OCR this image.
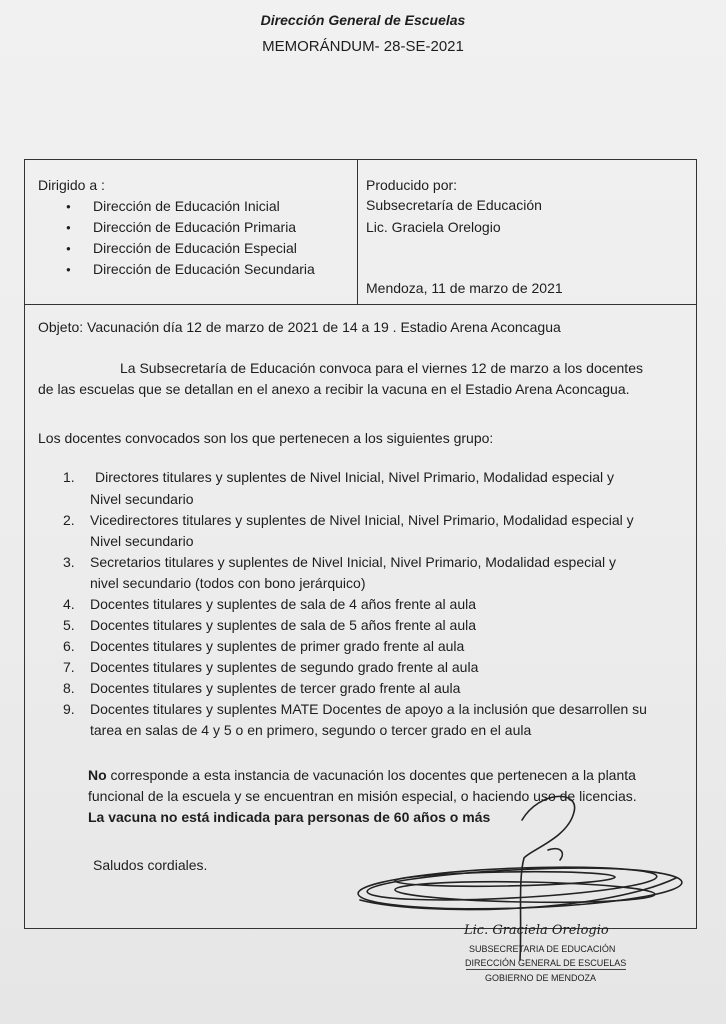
Dirección General de Escuelas
MEMORÁNDUM- 28-SE-2021
Dirigido a :
● Dirección de Educación Inicial
● Dirección de Educación Primaria
● Dirección de Educación Especial
● Dirección de Educación Secundaria
Producido por:
Subsecretaría de Educación
Lic. Graciela Orelogio
Mendoza, 11 de marzo de 2021
Objeto: Vacunación día 12 de marzo de 2021 de 14 a 19 . Estadio Arena Aconcagua
La Subsecretaría de Educación convoca para el viernes 12 de marzo a los docentes
de las escuelas que se detallan en el anexo a recibir la vacuna en el Estadio Arena Aconcagua.
Los docentes convocados son los que pertenecen a los siguientes grupo:
1. Directores titulares y suplentes de Nivel Inicial, Nivel Primario, Modalidad especial y
Nivel secundario
2. Vicedirectores titulares y suplentes de Nivel Inicial, Nivel Primario, Modalidad especial y
Nivel secundario
3. Secretarios titulares y suplentes de Nivel Inicial, Nivel Primario, Modalidad especial y
nivel secundario (todos con bono jerárquico)
4. Docentes titulares y suplentes de sala de 4 años frente al aula
5. Docentes titulares y suplentes de sala de 5 años frente al aula
6. Docentes titulares y suplentes de primer grado frente al aula
7. Docentes titulares y suplentes de segundo grado frente al aula
8. Docentes titulares y suplentes de tercer grado frente al aula
9. Docentes titulares y suplentes MATE Docentes de apoyo a la inclusión que desarrollen su
tarea en salas de 4 y 5 o en primero, segundo o tercer grado en el aula
No corresponde a esta instancia de vacunación los docentes que pertenecen a la planta
funcional de la escuela y se encuentran en misión especial, o haciendo uso de licencias.
La vacuna no está indicada para personas de 60 años o más
Saludos cordiales.
Lic. Graciela Orelogio
SUBSECRETARIA DE EDUCACIÓN
DIRECCIÓN GENERAL DE ESCUELAS
GOBIERNO DE MENDOZA
